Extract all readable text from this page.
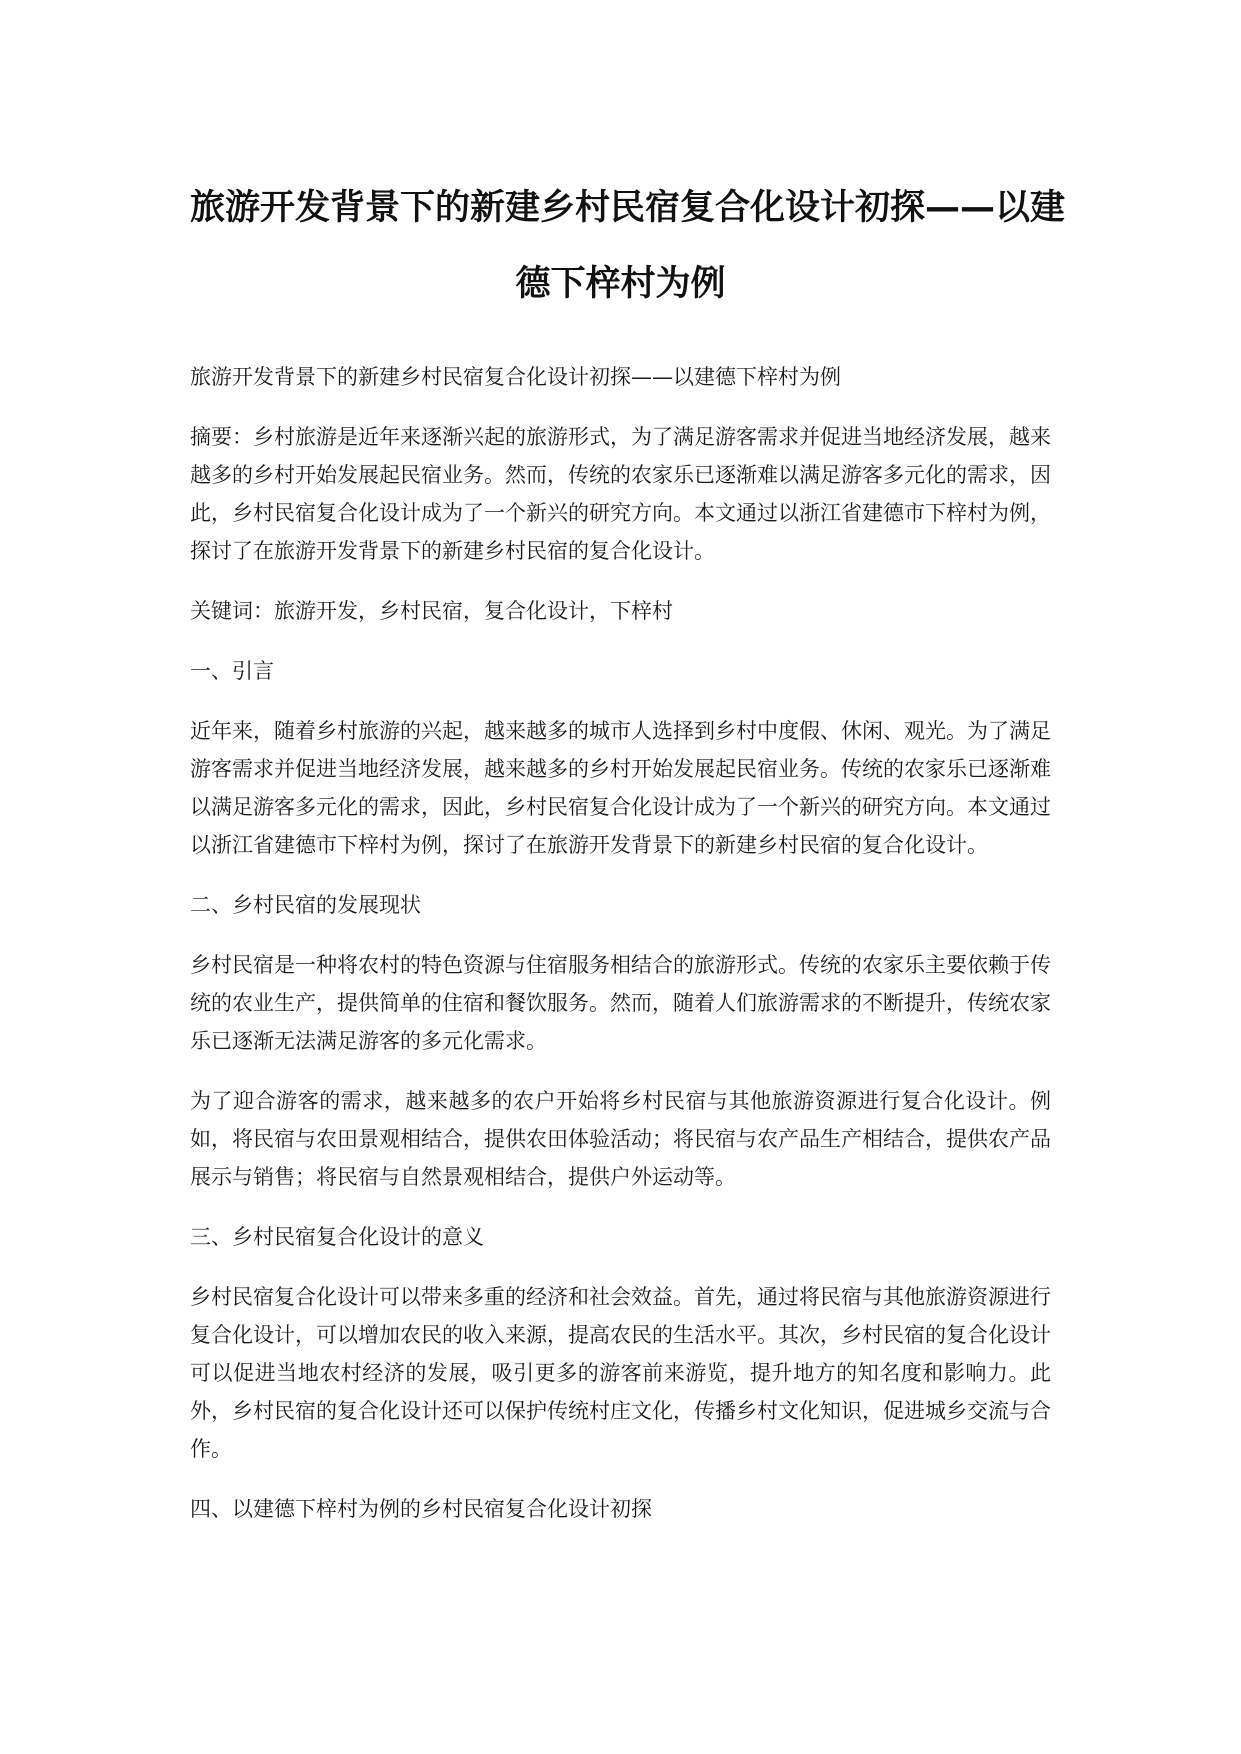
旅游开发背景下的新建乡村民宿复合化设计初探——以建
德下梓村为例

旅游开发背景下的新建乡村民宿复合化设计初探——以建德下梓村为例

摘要：乡村旅游是近年来逐渐兴起的旅游形式，为了满足游客需求并促进当地经济发展，越来越多的乡村开始发展起民宿业务。然而，传统的农家乐已逐渐难以满足游客多元化的需求，因此，乡村民宿复合化设计成为了一个新兴的研究方向。本文通过以浙江省建德市下梓村为例，探讨了在旅游开发背景下的新建乡村民宿的复合化设计。

关键词：旅游开发，乡村民宿，复合化设计，下梓村

一、引言

近年来，随着乡村旅游的兴起，越来越多的城市人选择到乡村中度假、休闲、观光。为了满足游客需求并促进当地经济发展，越来越多的乡村开始发展起民宿业务。传统的农家乐已逐渐难以满足游客多元化的需求，因此，乡村民宿复合化设计成为了一个新兴的研究方向。本文通过以浙江省建德市下梓村为例，探讨了在旅游开发背景下的新建乡村民宿的复合化设计。

二、乡村民宿的发展现状

乡村民宿是一种将农村的特色资源与住宿服务相结合的旅游形式。传统的农家乐主要依赖于传统的农业生产，提供简单的住宿和餐饮服务。然而，随着人们旅游需求的不断提升，传统农家乐已逐渐无法满足游客的多元化需求。

为了迎合游客的需求，越来越多的农户开始将乡村民宿与其他旅游资源进行复合化设计。例如，将民宿与农田景观相结合，提供农田体验活动；将民宿与农产品生产相结合，提供农产品展示与销售；将民宿与自然景观相结合，提供户外运动等。

三、乡村民宿复合化设计的意义

乡村民宿复合化设计可以带来多重的经济和社会效益。首先，通过将民宿与其他旅游资源进行复合化设计，可以增加农民的收入来源，提高农民的生活水平。其次，乡村民宿的复合化设计可以促进当地农村经济的发展，吸引更多的游客前来游览，提升地方的知名度和影响力。此外，乡村民宿的复合化设计还可以保护传统村庄文化，传播乡村文化知识，促进城乡交流与合作。

四、以建德下梓村为例的乡村民宿复合化设计初探
